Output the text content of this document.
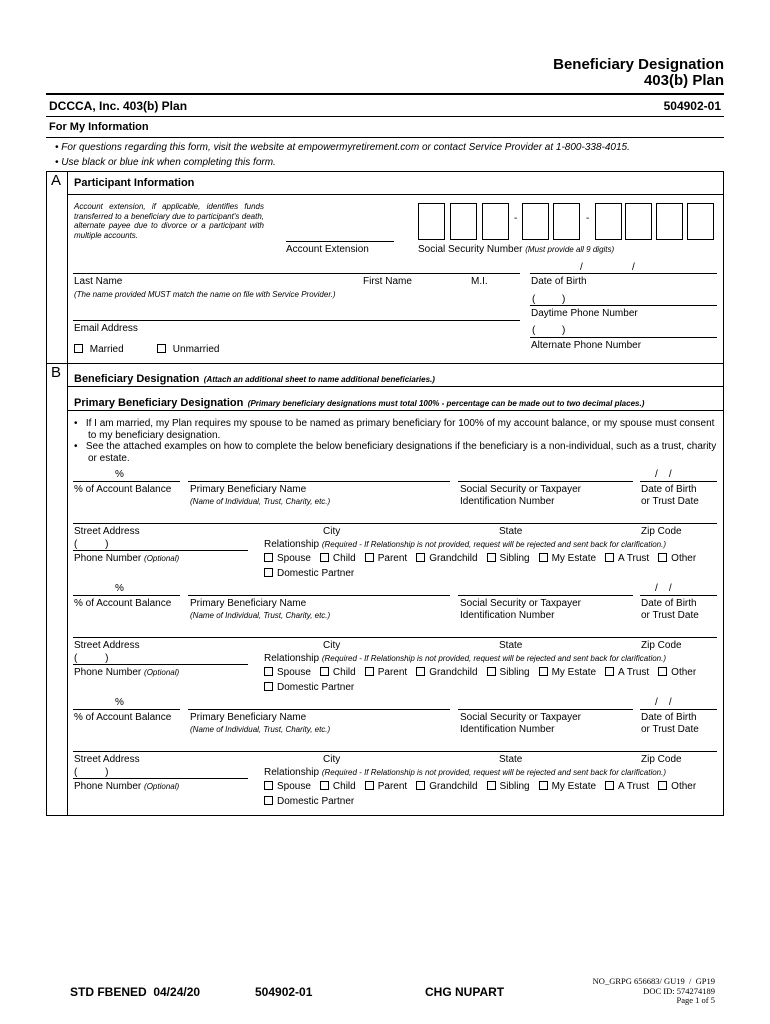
Beneficiary Designation
403(b) Plan
DCCCA, Inc. 403(b) Plan	504902-01
For My Information
• For questions regarding this form, visit the website at empowermyretirement.com or contact Service Provider at 1-800-338-4015.
• Use black or blue ink when completing this form.
A Participant Information
Account extension, if applicable, identifies funds transferred to a beneficiary due to participant's death, alternate payee due to divorce or a participant with multiple accounts.
Account Extension
-	-
Social Security Number (Must provide all 9 digits)
/	/
Last Name	First Name	M.I.	Date of Birth
(The name provided MUST match the name on file with Service Provider.)	(	)
Daytime Phone Number
Email Address	(	)
Alternate Phone Number
Married	Unmarried
B Beneficiary Designation (Attach an additional sheet to name additional beneficiaries.)
Primary Beneficiary Designation (Primary beneficiary designations must total 100% - percentage can be made out to two decimal places.)
•   If I am married, my Plan requires my spouse to be named as primary beneficiary for 100% of my account balance, or my spouse must consent to my beneficiary designation.
•   See the attached examples on how to complete the below beneficiary designations if the beneficiary is a non-individual, such as a trust, charity or estate.
%	/    /
% of Account Balance Primary Beneficiary Name
(Name of Individual, Trust, Charity, etc.)
Social Security or Taxpayer
Identification Number
Date of Birth
or Trust Date
Street Address	City	State	Zip Code
(          )
Phone Number (Optional)
Relationship (Required - If Relationship is not provided, request will be rejected and sent back for clarification.)
Spouse Child Parent Grandchild Sibling My Estate A Trust Other
Domestic Partner
%	/    /
% of Account Balance Primary Beneficiary Name
(Name of Individual, Trust, Charity, etc.)
Social Security or Taxpayer
Identification Number
Date of Birth
or Trust Date
Street Address	City	State	Zip Code
(          )
Phone Number (Optional)
Relationship (Required - If Relationship is not provided, request will be rejected and sent back for clarification.)
Spouse Child Parent Grandchild Sibling My Estate A Trust Other
Domestic Partner
%	/    /
% of Account Balance Primary Beneficiary Name
(Name of Individual, Trust, Charity, etc.)
Social Security or Taxpayer
Identification Number
Date of Birth
or Trust Date
Street Address	City	State	Zip Code
(          )
Phone Number (Optional)
Relationship (Required - If Relationship is not provided, request will be rejected and sent back for clarification.)
Spouse Child Parent Grandchild Sibling My Estate A Trust Other
Domestic Partner
STD FBENED  04/24/20	504902-01	CHG NUPART
NO_GRPG 656683/ GU19  /  GP19
DOC ID: 574274189
Page 1 of 5
